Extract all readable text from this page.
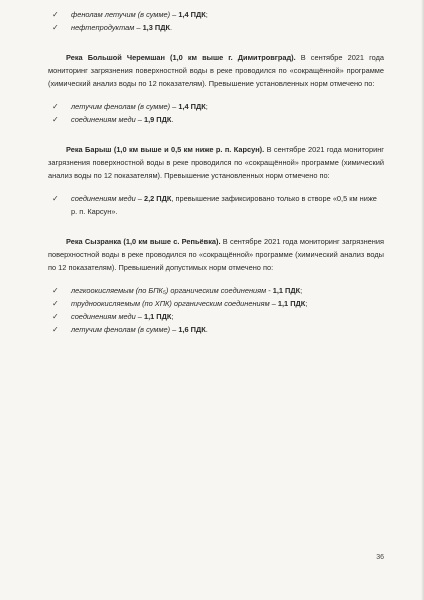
✓ фенолам летучим (в сумме) – 1,4 ПДК;
✓ нефтепродуктам – 1,3 ПДК.

Река Большой Черемшан (1,0 км выше г. Димитровград). В сентябре 2021 года мониторинг загрязнения поверхностной воды в реке проводился по «сокращённой» программе (химический анализ воды по 12 показателям). Превышение установленных норм отмечено по:

✓ летучим фенолам (в сумме) – 1,4 ПДК;
✓ соединениям меди – 1,9 ПДК.

Река Барыш (1,0 км выше и 0,5 км ниже р. п. Карсун). В сентябре 2021 года мониторинг загрязнения поверхностной воды в реке проводился по «сокращённой» программе (химический анализ воды по 12 показателям). Превышение установленных норм отмечено по:

✓ соединениям меди – 2,2 ПДК, превышение зафиксировано только в створе «0,5 км ниже р. п. Карсун».

Река Сызранка (1,0 км выше с. Репьёвка). В сентябре 2021 года мониторинг загрязнения поверхностной воды в реке проводился по «сокращённой» программе (химический анализ воды по 12 показателям). Превышений допустимых норм отмечено по:

✓ легкоокисляемым (по БПК₅) органическим соединениям - 1,1 ПДК;
✓ трудноокисляемым (по ХПК) органическим соединениям – 1,1 ПДК;
✓ соединениям меди – 1,1 ПДК;
✓ летучим фенолам (в сумме) – 1,6 ПДК.
36
